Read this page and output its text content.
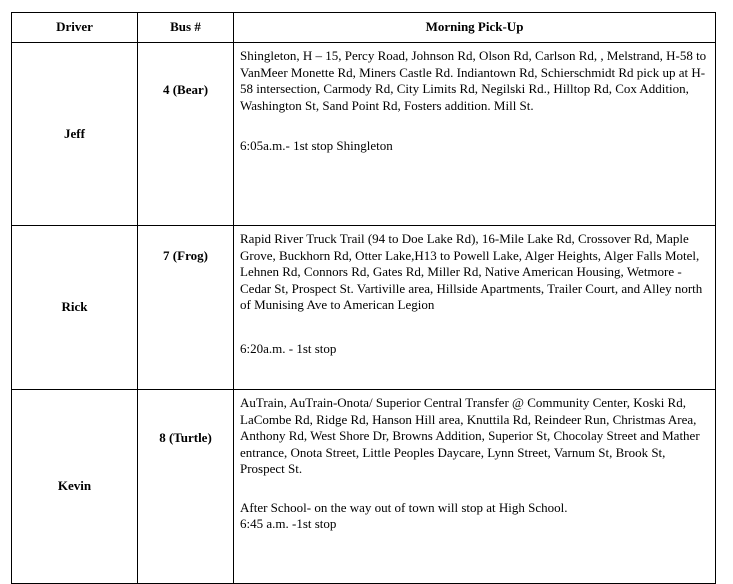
Driver	Bus #	Morning Pick-Up
Jeff	4 (Bear)	Shingleton, H – 15, Percy Road, Johnson Rd, Olson Rd, Carlson Rd, , Melstrand, H-58 to VanMeer Monette Rd, Miners Castle Rd. Indiantown Rd, Schierschmidt Rd pick up at H-58 intersection, Carmody Rd, City Limits Rd, Negilski Rd., Hilltop Rd, Cox Addition, Washington St, Sand Point Rd, Fosters addition. Mill St.
6:05a.m.- 1st stop Shingleton

Rick	7 (Frog)	Rapid River Truck Trail (94 to Doe Lake Rd), 16-Mile Lake Rd, Crossover Rd, Maple Grove, Buckhorn Rd, Otter Lake,H13 to Powell Lake, Alger Heights, Alger Falls Motel, Lehnen Rd, Connors Rd, Gates Rd, Miller Rd, Native American Housing, Wetmore - Cedar St, Prospect St. Vartiville area, Hillside Apartments, Trailer Court, and Alley north of Munising Ave to American Legion
6:20a.m. - 1st stop

Kevin	8 (Turtle)	AuTrain, AuTrain-Onota/ Superior Central Transfer @ Community Center, Koski Rd, LaCombe Rd, Ridge Rd, Hanson Hill area, Knuttila Rd, Reindeer Run, Christmas Area, Anthony Rd, West Shore Dr, Browns Addition, Superior St, Chocolay Street and Mather entrance, Onota Street, Little Peoples Daycare, Lynn Street, Varnum St, Brook St, Prospect St.
After School- on the way out of town will stop at High School.
6:45 a.m. -1st stop
